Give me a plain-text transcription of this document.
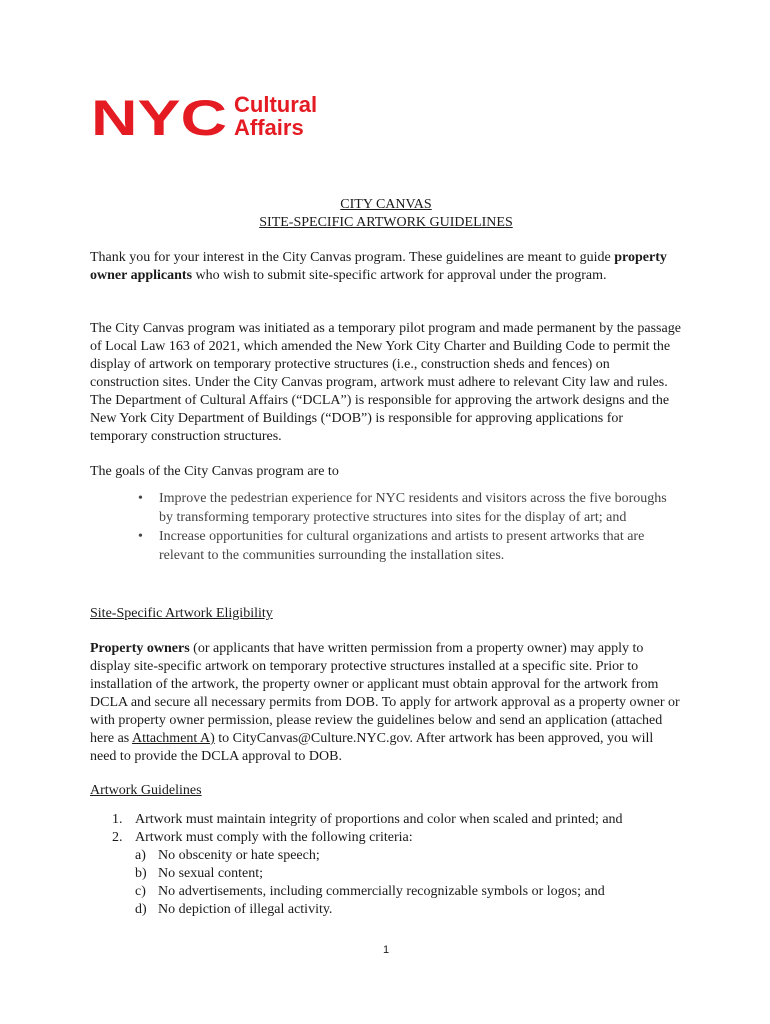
NYC Cultural
Affairs
CITY CANVAS
SITE-SPECIFIC ARTWORK GUIDELINES

Thank you for your interest in the City Canvas program. These guidelines are meant to guide property owner applicants who wish to submit site-specific artwork for approval under the program.

The City Canvas program was initiated as a temporary pilot program and made permanent by the passage of Local Law 163 of 2021, which amended the New York City Charter and Building Code to permit the display of artwork on temporary protective structures (i.e., construction sheds and fences) on construction sites. Under the City Canvas program, artwork must adhere to relevant City law and rules. The Department of Cultural Affairs (“DCLA”) is responsible for approving the artwork designs and the New York City Department of Buildings (“DOB”) is responsible for approving applications for temporary construction structures.

The goals of the City Canvas program are to

• Improve the pedestrian experience for NYC residents and visitors across the five boroughs by transforming temporary protective structures into sites for the display of art; and
• Increase opportunities for cultural organizations and artists to present artworks that are relevant to the communities surrounding the installation sites.

Site-Specific Artwork Eligibility

Property owners (or applicants that have written permission from a property owner) may apply to display site-specific artwork on temporary protective structures installed at a specific site. Prior to installation of the artwork, the property owner or applicant must obtain approval for the artwork from DCLA and secure all necessary permits from DOB. To apply for artwork approval as a property owner or with property owner permission, please review the guidelines below and send an application (attached here as Attachment A) to CityCanvas@Culture.NYC.gov. After artwork has been approved, you will need to provide the DCLA approval to DOB.

Artwork Guidelines

1. Artwork must maintain integrity of proportions and color when scaled and printed; and
2. Artwork must comply with the following criteria:
a) No obscenity or hate speech;
b) No sexual content;
c) No advertisements, including commercially recognizable symbols or logos; and
d) No depiction of illegal activity.
1
